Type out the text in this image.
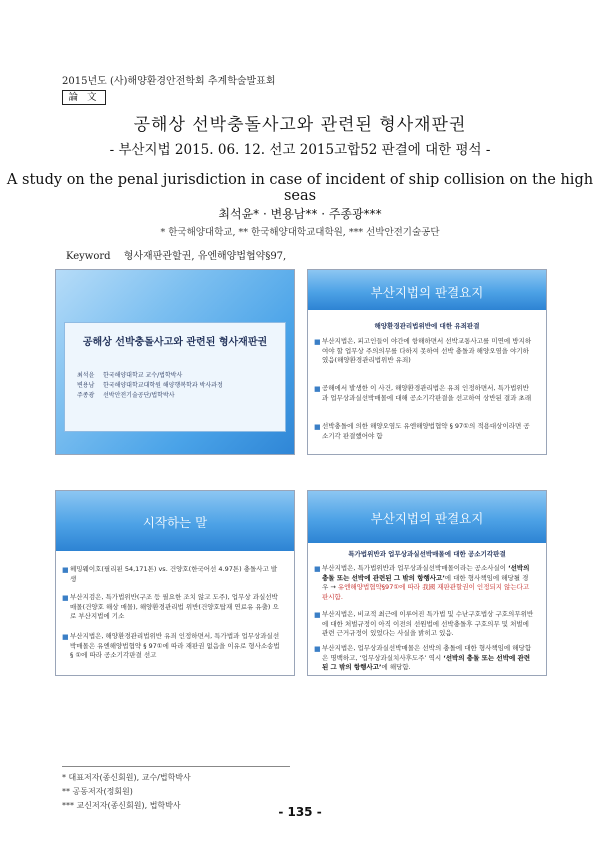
2015년도 (사)해양환경안전학회 추계학술발표회
論 文
공해상 선박충돌사고와 관련된 형사재판권
- 부산지법 2015. 06. 12. 선고 2015고합52 판결에 대한 평석 -
A study on the penal jurisdiction in case of incident of ship collision on the high seas
최석윤* · 변용남** · 주종광***
* 한국해양대학교, ** 한국해양대학교대학원, *** 선박안전기술공단
Keyword 형사재판관할권, 유엔해양법협약§97,
공해상 선박충돌사고와 관련된 형사재판권
최석윤 한국해양대학교 교수/법학박사
변용남 한국해양대학교대학원 해양행복학과 박사과정
주종광 선박안전기술공단/법학박사
부산지법의 판결요지
해양환경관리법위반에 대한 유죄판결
■ 부산지법은, 피고인들이 야간에 항해하면서 선박교통사고를 미연에 방지하여야 할 업무상 주의의무를 다하지 못하여 선박 충돌과 해양오염을 야기하였음(해양환경관리법위반 유죄)
■ 공해에서 발생한 이 사건, 해양환경관리법은 유죄 인정하면서, 특가법위반과 업무상과실선박매몰에 대해 공소기각판결을 선고하여 상반된 결과 초래
■ 선박충돌에 의한 해양오염도 유엔해양법협약 § 97①의 적용대상이라면 공소기각 판결했어야 함
시작하는 말
■ 헤밍웨이호(필리핀 54,171톤) vs. 건양호(한국어선 4.97톤) 충돌사고 발생
■ 부산지검은, 특가법위반(구조 등 필요한 조치 않고 도주), 업무상 과실선박매몰(건양호 해상 매몰), 해양환경관리법 위반(건양호탑재 연료유 유출) 으로 부산지법에 기소
■ 부산지법은, 해양환경관리법위반 유죄 인정하면서, 특가법과 업무상과실선박매몰은 유엔해양법협약 § 97①에 따라 재판권 없음을 이유로 형사소송법 § ①에 따라 공소기각판결 선고
부산지법의 판결요지
특가법위반과 업무상과실선박매몰에 대한 공소기각판결
■ 부산지법은, 특가법위반과 업무상과실선박매몰이라는 공소사실이 ‘선박의 충돌 또는 선박에 관련된 그 밖의 항행사고’에 대한 형사책임에 해당될 경우 → 유엔해양법협약§97①에 따라 我國 재판관할권이 인정되지 않는다고 판시함.
■ 부산지법은, 비교적 최근에 이루어진 특가법 및 수난구호법상 구호의무위반에 대한 처벌규정이 아직 이전의 선원법에 선박충돌후 구호의무 및 처벌에 관련 근거규정이 있었다는 사실을 밝히고 있음.
■ 부산지법은, 업무상과실선박매몰은 선박의 충돌에 대한 형사책임에 해당함은 명백하고, ‘업무상과실치사후도주’ 역시 ‘선박의 충돌 또는 선박에 관련된 그 밖의 항행사고’에 해당함.
* 대표저자(종신회원), 교수/법학박사
** 공동저자(정회원)
*** 교신저자(종신회원), 법학박사	- 135 -
